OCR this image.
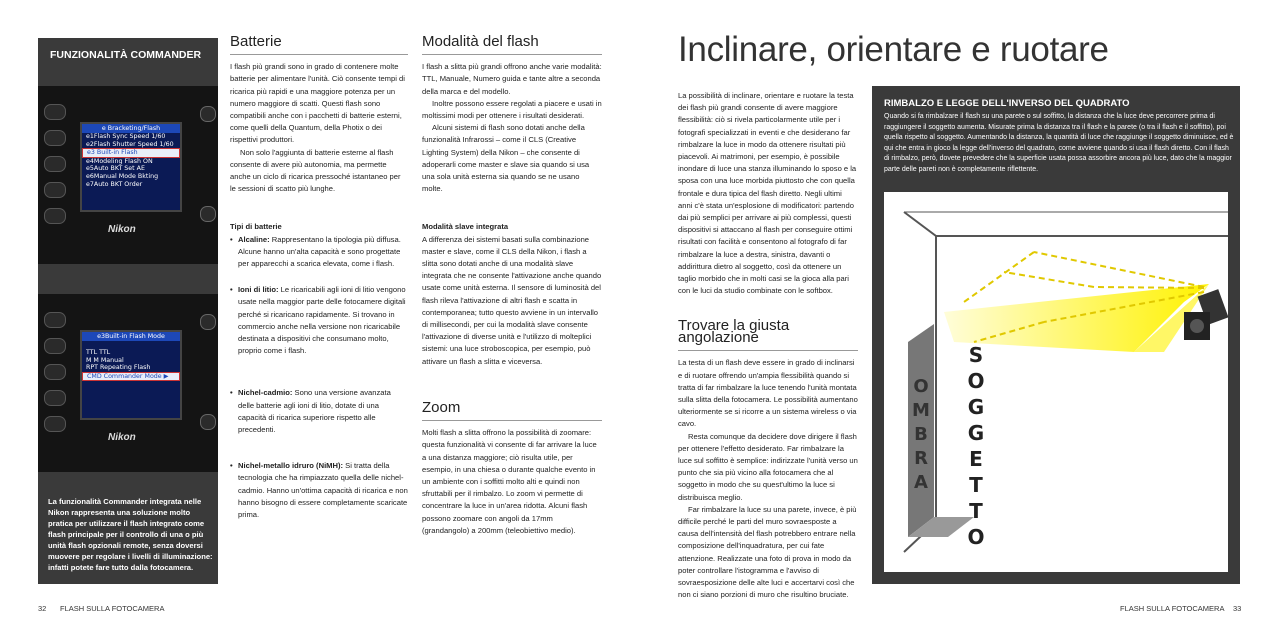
FUNZIONALITÀ COMMANDER
e Bracketing/Flash
e1Flash Sync Speed 1/60
e2Flash Shutter Speed 1/60
e3 Built-in Flash
e4Modeling Flash ON
e5Auto BKT Set AE
e6Manual Mode Bkting
e7Auto BKT Order
Nikon
e3Built-in Flash Mode
TTL TTL
M M Manual
RPT Repeating Flash
CMD Commander Mode ▶
Nikon
La funzionalità Commander integrata nelle Nikon rappresenta una soluzione molto pratica per utilizzare il flash integrato come flash principale per il controllo di una o più unità flash opzionali remote, senza doversi muovere per regolare i livelli di illuminazione: infatti potete fare tutto dalla fotocamera.
Batterie

I flash più grandi sono in grado di contenere molte batterie per alimentare l'unità. Ciò consente tempi di ricarica più rapidi e una maggiore potenza per un numero maggiore di scatti. Questi flash sono compatibili anche con i pacchetti di batterie esterni, come quelli della Quantum, della Photix o dei rispettivi produttori.

Non solo l'aggiunta di batterie esterne al flash consente di avere più autonomia, ma permette anche un ciclo di ricarica pressoché istantaneo per le sessioni di scatto più lunghe.

Tipi di batterie

• Alcaline: Rappresentano la tipologia più diffusa. Alcune hanno un'alta capacità e sono progettate per apparecchi a scarica elevata, come i flash.
• Ioni di litio: Le ricaricabili agli ioni di litio vengono usate nella maggior parte delle fotocamere digitali perché si ricaricano rapidamente. Si trovano in commercio anche nella versione non ricaricabile destinata a dispositivi che consumano molto, proprio come i flash.
• Nichel-cadmio: Sono una versione avanzata delle batterie agli ioni di litio, dotate di una capacità di ricarica superiore rispetto alle precedenti.
• Nichel-metallo idruro (NiMH): Si tratta della tecnologia che ha rimpiazzato quella delle nichel-cadmio. Hanno un'ottima capacità di ricarica e non hanno bisogno di essere completamente scaricate prima.
Modalità del flash

I flash a slitta più grandi offrono anche varie modalità: TTL, Manuale, Numero guida e tante altre a seconda della marca e del modello.

Inoltre possono essere regolati a piacere e usati in moltissimi modi per ottenere i risultati desiderati.

Alcuni sistemi di flash sono dotati anche della funzionalità Infrarossi – come il CLS (Creative Lighting System) della Nikon – che consente di adoperarli come master e slave sia quando si usa una sola unità esterna sia quando se ne usano molte.

Modalità slave integrata

A differenza dei sistemi basati sulla combinazione master e slave, come il CLS della Nikon, i flash a slitta sono dotati anche di una modalità slave integrata che ne consente l'attivazione anche quando usate come unità esterna. Il sensore di luminosità del flash rileva l'attivazione di altri flash e scatta in contemporanea; tutto questo avviene in un intervallo di millisecondi, per cui la modalità slave consente l'attivazione di diverse unità e l'utilizzo di molteplici sistemi: una luce stroboscopica, per esempio, può attivare un flash a slitta e viceversa.

Zoom

Molti flash a slitta offrono la possibilità di zoomare: questa funzionalità vi consente di far arrivare la luce a una distanza maggiore; ciò risulta utile, per esempio, in una chiesa o durante qualche evento in un ambiente con i soffitti molto alti e quindi non sfruttabili per il rimbalzo. Lo zoom vi permette di concentrare la luce in un'area ridotta. Alcuni flash possono zoomare con angoli da 17mm (grandangolo) a 200mm (teleobiettivo medio).

Inclinare, orientare e ruotare

La possibilità di inclinare, orientare e ruotare la testa dei flash più grandi consente di avere maggiore flessibilità: ciò si rivela particolarmente utile per i fotografi specializzati in eventi e che desiderano far rimbalzare la luce in modo da ottenere risultati più piacevoli. Ai matrimoni, per esempio, è possibile inondare di luce una stanza illuminando lo sposo e la sposa con una luce morbida piuttosto che con quella frontale e dura tipica del flash diretto. Negli ultimi anni c'è stata un'esplosione di modificatori: partendo dai più semplici per arrivare ai più complessi, questi dispositivi si attaccano al flash per conseguire ottimi risultati con facilità e consentono al fotografo di far rimbalzare la luce a destra, sinistra, davanti o addirittura dietro al soggetto, così da ottenere un taglio morbido che in molti casi se la gioca alla pari con le luci da studio combinate con le softbox.

Trovare la giusta angolazione

La testa di un flash deve essere in grado di inclinarsi e di ruotare offrendo un'ampia flessibilità quando si tratta di far rimbalzare la luce tenendo l'unità montata sulla slitta della fotocamera. Le possibilità aumentano ulteriormente se si ricorre a un sistema wireless o via cavo.

Resta comunque da decidere dove dirigere il flash per ottenere l'effetto desiderato. Far rimbalzare la luce sul soffitto è semplice: indirizzate l'unità verso un punto che sia più vicino alla fotocamera che al soggetto in modo che su quest'ultimo la luce si distribuisca meglio.

Far rimbalzare la luce su una parete, invece, è più difficile perché le parti del muro sovraesposte a causa dell'intensità del flash potrebbero entrare nella composizione dell'inquadratura, per cui fate attenzione. Realizzate una foto di prova in modo da poter controllare l'istogramma e l'avviso di sovraesposizione delle alte luci e accertarvi così che non ci siano porzioni di muro che risultino bruciate.

RIMBALZO E LEGGE DELL'INVERSO DEL QUADRATO
Quando si fa rimbalzare il flash su una parete o sul soffitto, la distanza che la luce deve percorrere prima di raggiungere il soggetto aumenta. Misurate prima la distanza tra il flash e la parete (o tra il flash e il soffitto), poi quella rispetto al soggetto. Aumentando la distanza, la quantità di luce che raggiunge il soggetto diminuisce, ed è qui che entra in gioco la legge dell'inverso del quadrato, come avviene quando si usa il flash diretto. Con il flash di rimbalzo, però, dovete prevedere che la superficie usata possa assorbire ancora più luce, dato che la maggior parte delle pareti non è completamente riflettente.
O
M
B
R
A
S
O
G
G
E
T
T
O
32 FLASH SULLA FOTOCAMERA	FLASH SULLA FOTOCAMERA 33
